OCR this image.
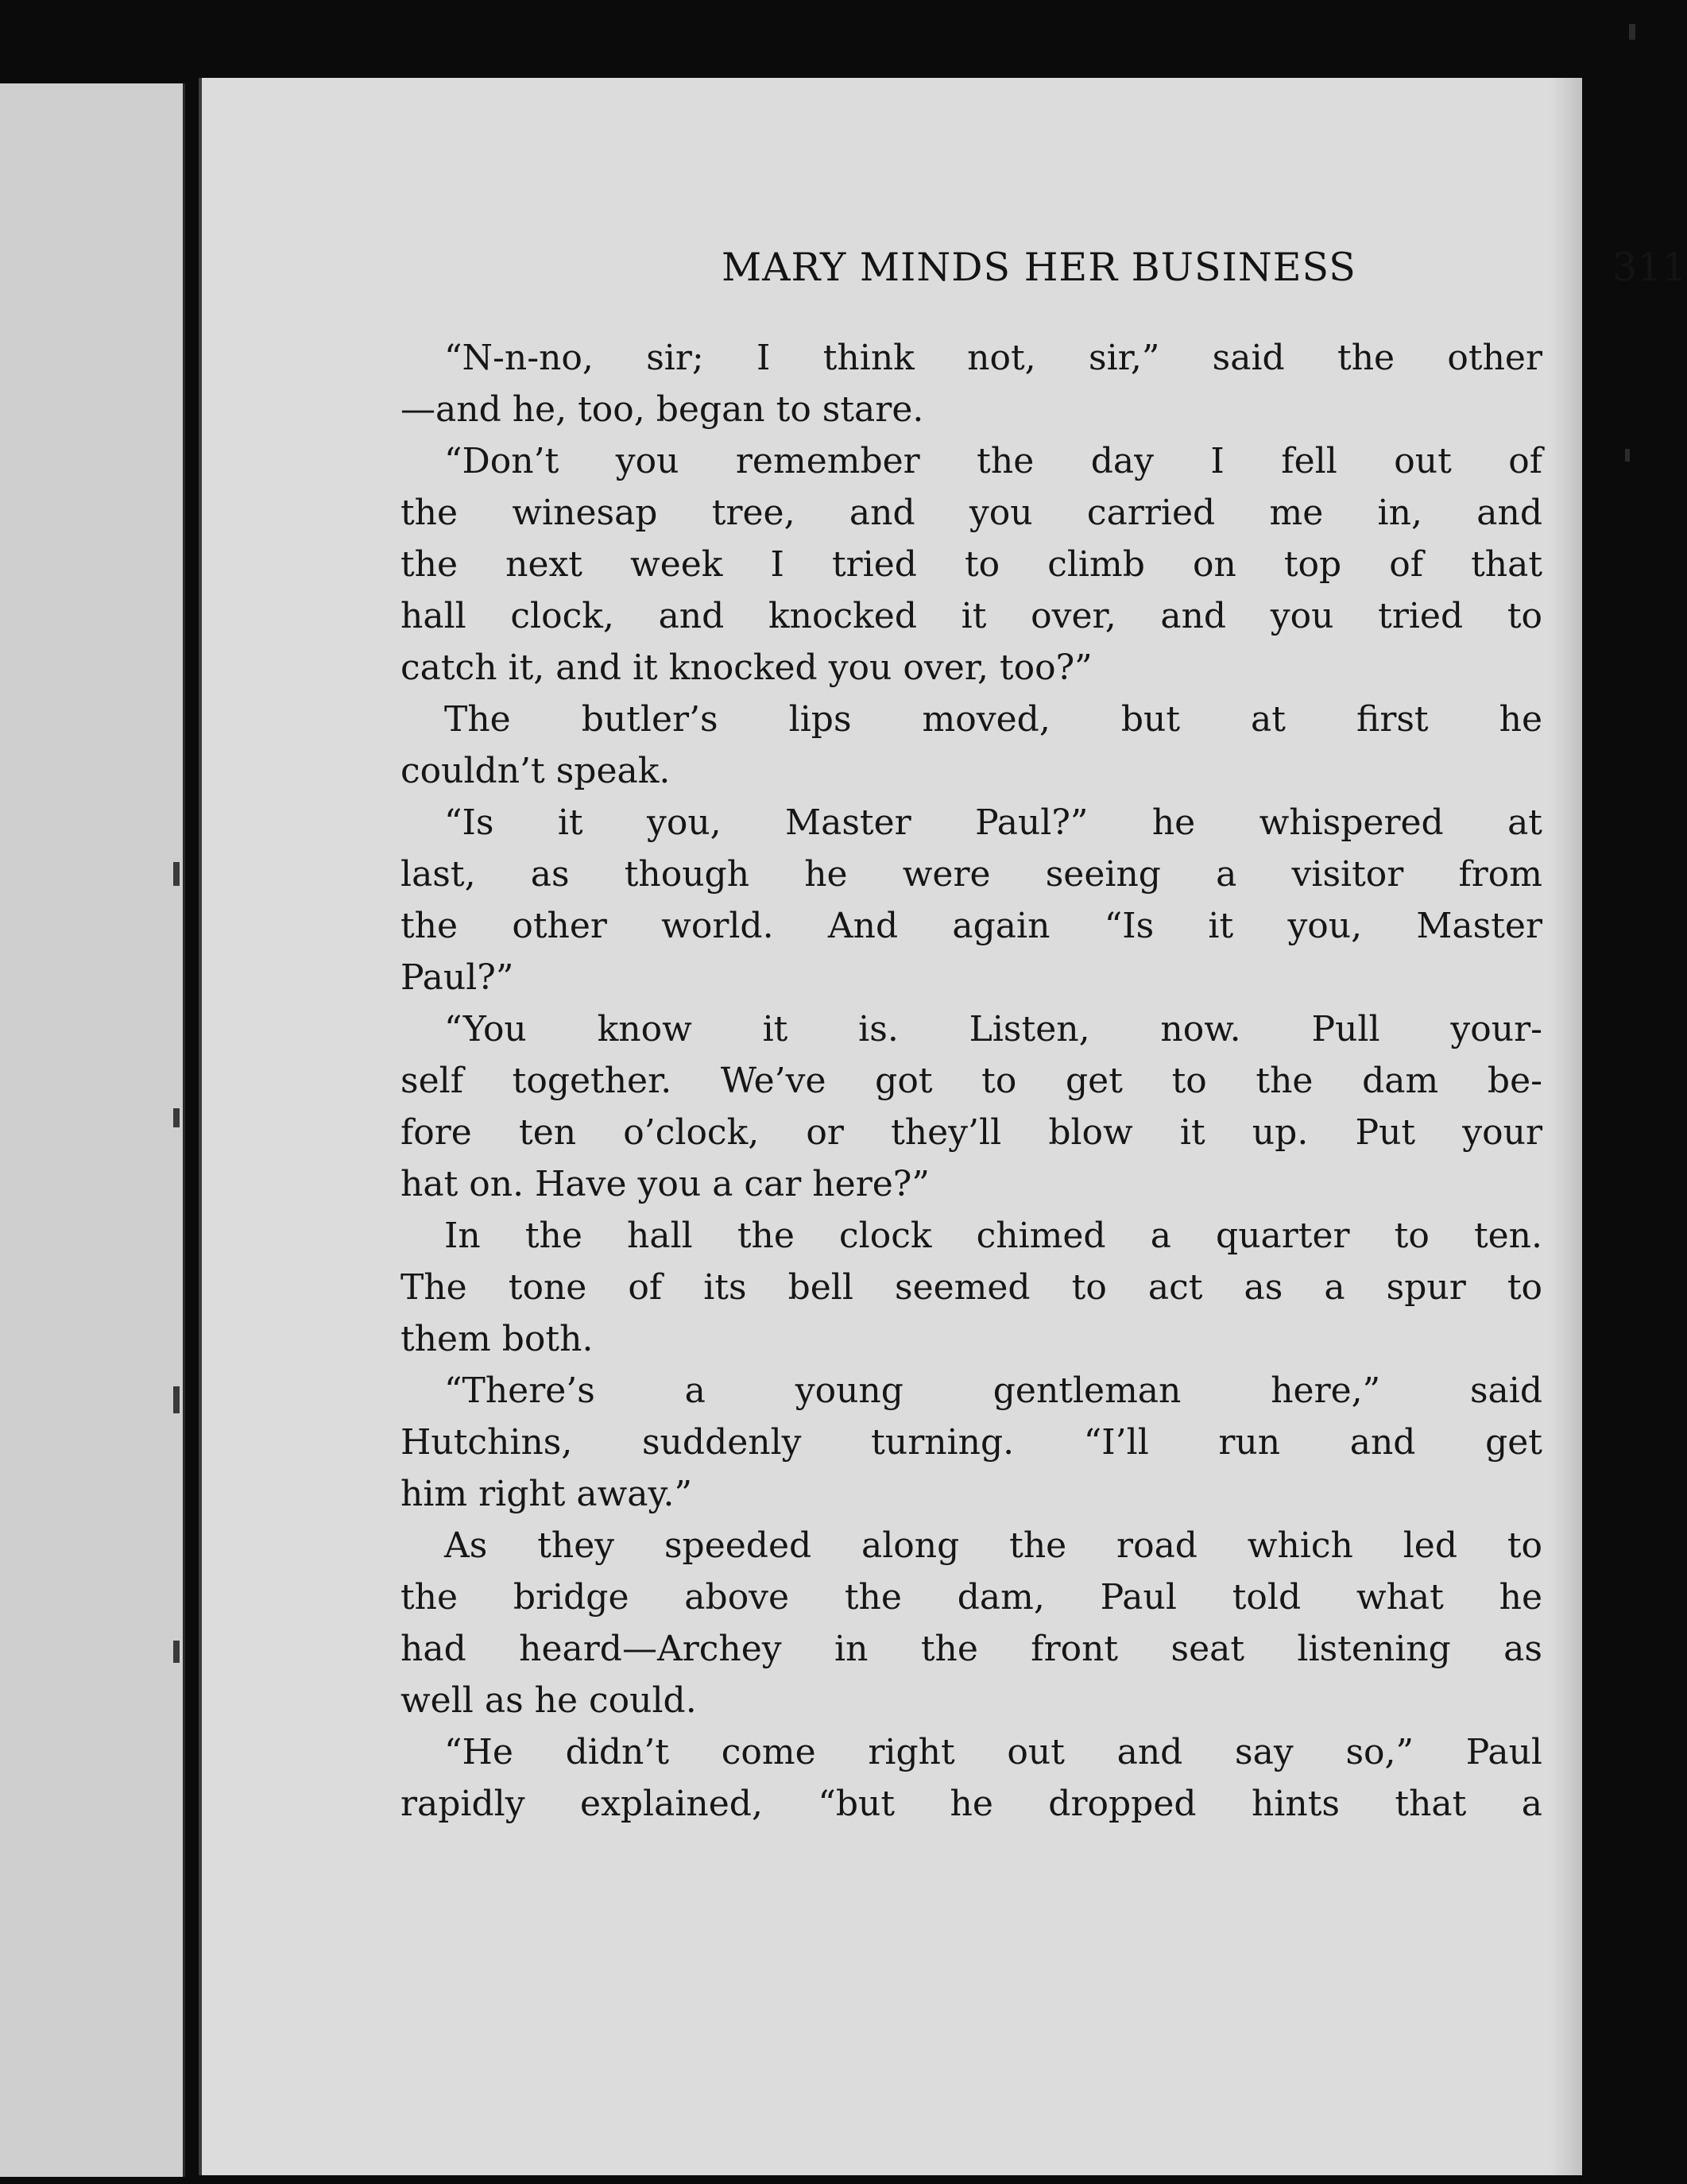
MARY MINDS HER BUSINESS	311
“N-n-no, sir; I think not, sir,” said the other
—and he, too, began to stare.
“Don’t you remember the day I fell out of
the winesap tree, and you carried me in, and
the next week I tried to climb on top of that
hall clock, and knocked it over, and you tried to
catch it, and it knocked you over, too?”
The butler’s lips moved, but at first he
couldn’t speak.
“Is it you, Master Paul?” he whispered at
last, as though he were seeing a visitor from
the other world. And again “Is it you, Master
Paul?”
“You know it is. Listen, now. Pull your-
self together. We’ve got to get to the dam be-
fore ten o’clock, or they’ll blow it up. Put your
hat on. Have you a car here?”
In the hall the clock chimed a quarter to ten.
The tone of its bell seemed to act as a spur to
them both.
“There’s a young gentleman here,” said
Hutchins, suddenly turning. “I’ll run and get
him right away.”
As they speeded along the road which led to
the bridge above the dam, Paul told what he
had heard—Archey in the front seat listening as
well as he could.
“He didn’t come right out and say so,” Paul
rapidly explained, “but he dropped hints that a
